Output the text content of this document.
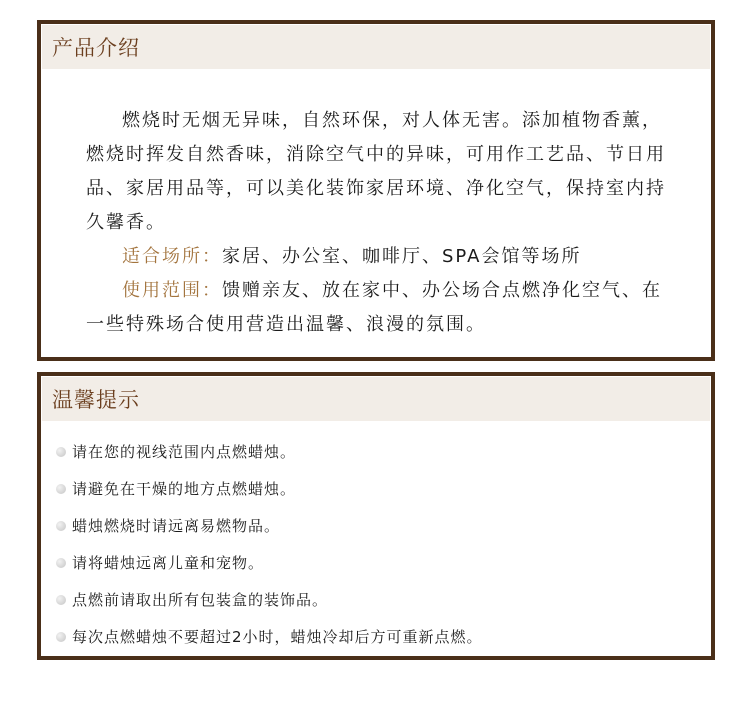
产品介绍

燃烧时无烟无异味，自然环保，对人体无害。添加植物香薰，燃烧时挥发自然香味，消除空气中的异味，可用作工艺品、节日用品、家居用品等，可以美化装饰家居环境、净化空气，保持室内持久馨香。

适合场所：家居、办公室、咖啡厅、SPA会馆等场所

使用范围：馈赠亲友、放在家中、办公场合点燃净化空气、在一些特殊场合使用营造出温馨、浪漫的氛围。

温馨提示
请在您的视线范围内点燃蜡烛。
请避免在干燥的地方点燃蜡烛。
蜡烛燃烧时请远离易燃物品。
请将蜡烛远离儿童和宠物。
点燃前请取出所有包装盒的装饰品。
每次点燃蜡烛不要超过2小时，蜡烛冷却后方可重新点燃。
